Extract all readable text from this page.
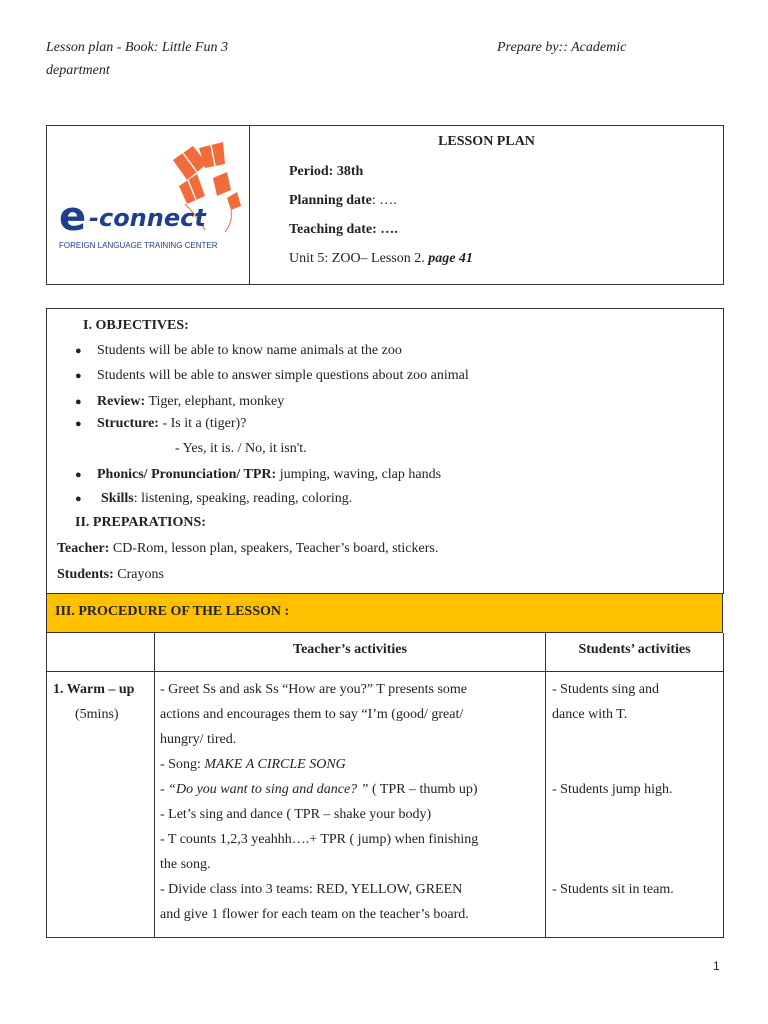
Lesson plan - Book: Little Fun 3
department
Prepare by:: Academic
e -connect
FOREIGN LANGUAGE TRAINING CENTER
LESSON PLAN
Period: 38th
Planning date: ….
Teaching date: ….
Unit 5: ZOO– Lesson 2. page 41
I. OBJECTIVES:
● Students will be able to know name animals at the zoo
● Students will be able to answer simple questions about zoo animal
● Review: Tiger, elephant, monkey
● Structure: - Is it a (tiger)?
- Yes, it is. / No, it isn't.
● Phonics/ Pronunciation/ TPR: jumping, waving, clap hands
● Skills: listening, speaking, reading, coloring.
II. PREPARATIONS:
Teacher: CD-Rom, lesson plan, speakers, Teacher’s board, stickers.
Students: Crayons
III. PROCEDURE OF THE LESSON :
Teacher’s activities	Students’ activities
1. Warm – up
(5mins)
- Greet Ss and ask Ss “How are you?” T presents some
actions and encourages them to say “I’m (good/ great/
hungry/ tired.
- Song: MAKE A CIRCLE SONG
- “Do you want to sing and dance? ” ( TPR – thumb up)
- Let’s sing and dance ( TPR – shake your body)
- T counts 1,2,3 yeahhh….+ TPR ( jump) when finishing
the song.
- Divide class into 3 teams: RED, YELLOW, GREEN
and give 1 flower for each team on the teacher’s board.
- Students sing and
dance with T.
- Students jump high.
- Students sit in team.
1
